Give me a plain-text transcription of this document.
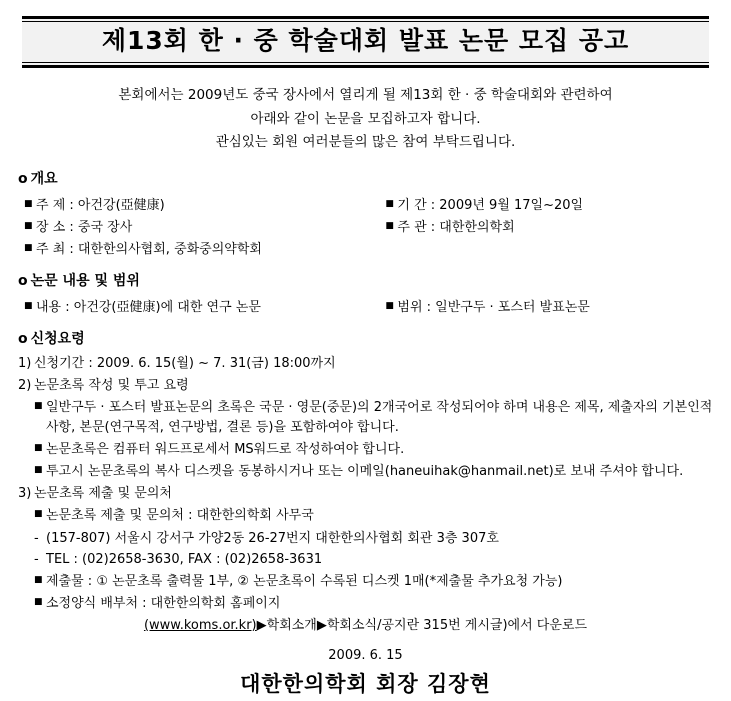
제13회 한 · 중 학술대회 발표 논문 모집 공고
본회에서는 2009년도 중국 장사에서 열리게 될 제13회 한 · 중 학술대회와 관련하여
아래와 같이 논문을 모집하고자 합니다.
관심있는 회원 여러분들의 많은 참여 부탁드립니다.
о 개요
■ 주 제 : 아건강(亞健康)
■ 장 소 : 중국 장사
■ 주 최 : 대한한의사협회, 중화중의약학회
■ 기 간 : 2009년 9월 17일~20일
■ 주 관 : 대한한의학회
о 논문 내용 및 범위
■ 내용 : 아건강(亞健康)에 대한 연구 논문	■ 범위 : 일반구두 · 포스터 발표논문
о 신청요령
1) 신청기간 : 2009. 6. 15(월) ~ 7. 31(금) 18:00까지
2) 논문초록 작성 및 투고 요령
■ 일반구두 · 포스터 발표논문의 초록은 국문 · 영문(중문)의 2개국어로 작성되어야 하며 내용은 제목, 제출자의 기본인적사항, 본문(연구목적, 연구방법, 결론 등)을 포함하여야 합니다.
■ 논문초록은 컴퓨터 워드프로세서 MS워드로 작성하여야 합니다.
■ 투고시 논문초록의 복사 디스켓을 동봉하시거나 또는 이메일(haneuihak@hanmail.net)로 보내 주셔야 합니다.
3) 논문초록 제출 및 문의처
■ 논문초록 제출 및 문의처 : 대한한의학회 사무국
- (157-807) 서울시 강서구 가양2동 26-27번지 대한한의사협회 회관 3층 307호
- TEL : (02)2658-3630, FAX : (02)2658-3631
■ 제출물 : ① 논문초록 출력물 1부, ② 논문초록이 수록된 디스켓 1매(*제출물 추가요청 가능)
■ 소정양식 배부처 : 대한한의학회 홈페이지
(www.koms.or.kr)▶학회소개▶학회소식/공지란 315번 게시글)에서 다운로드
2009. 6. 15
대한한의학회 회장 김장현
